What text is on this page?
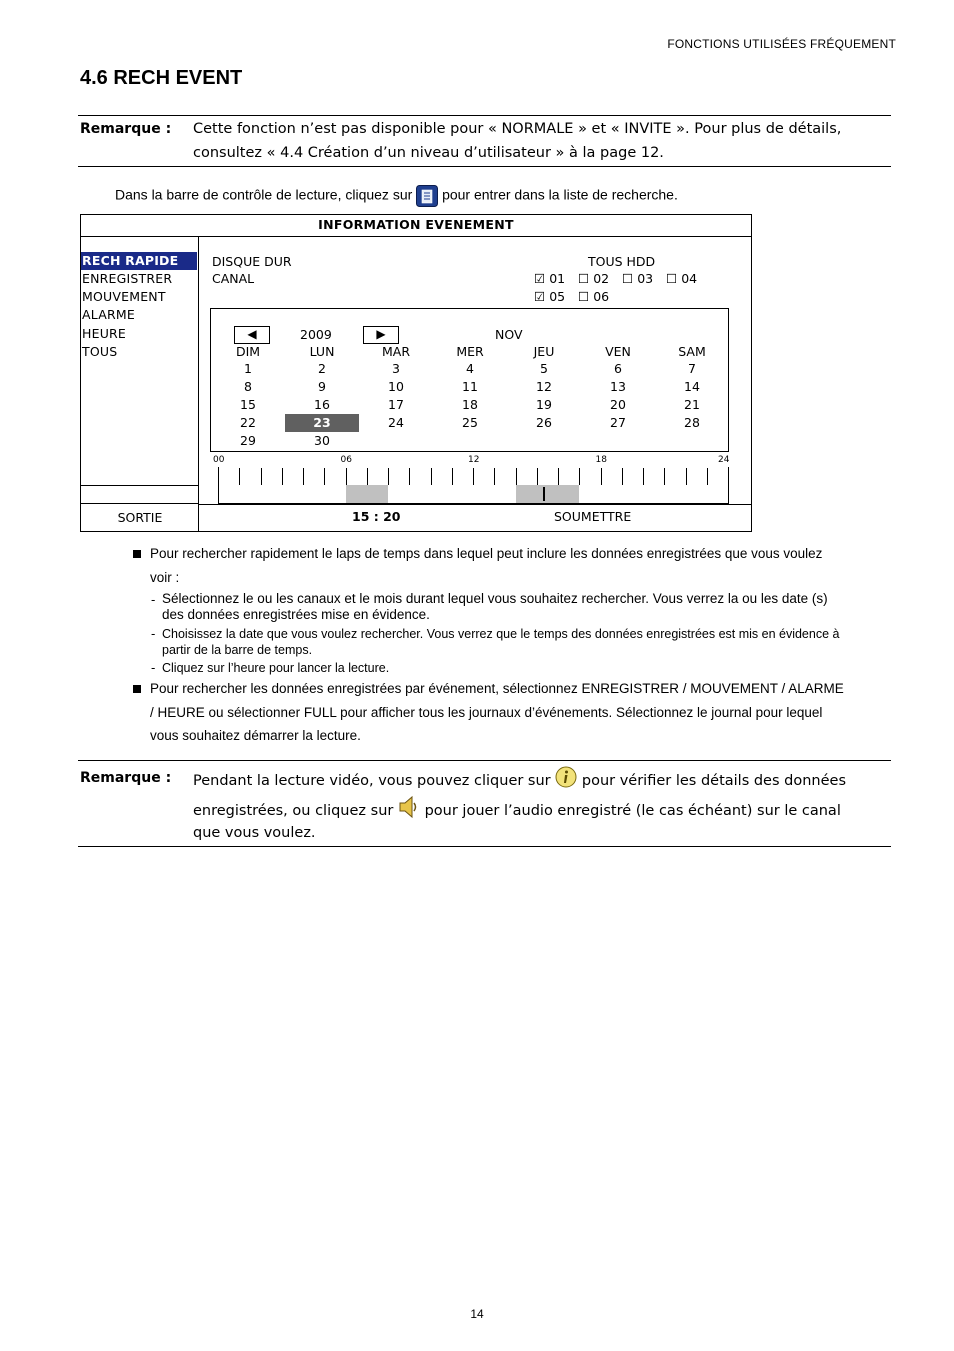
FONCTIONS UTILISÉES FRÉQUEMENT
4.6 RECH EVENT
Remarque : Cette fonction n’est pas disponible pour « NORMALE » et « INVITE ». Pour plus de détails,
consultez « 4.4 Création d’un niveau d’utilisateur » à la page 12.
Dans la barre de contrôle de lecture, cliquez sur pour entrer dans la liste de recherche.
INFORMATION EVENEMENT
RECH RAPIDE
ENREGISTRER
MOUVEMENT
ALARME
HEURE
TOUS
SORTIE
DISQUE DUR	TOUS HDD
CANAL	☑ 01 ☐ 02 ☐ 03 ☐ 04
☑ 05 ☐ 06
◀	2009	▶	NOV
DIM	LUN	MAR	MER	JEU	VEN	SAM
1	2	3	4	5	6	7
8	9	10	11	12	13	14
15	16	17	18	19	20	21
22	23	24	25	26	27	28
29	30
00	06	12	18	24
15 : 20	SOUMETTRE
Pour rechercher rapidement le laps de temps dans lequel peut inclure les données enregistrées que vous voulez
voir :
- Sélectionnez le ou les canaux et le mois durant lequel vous souhaitez rechercher. Vous verrez la ou les date (s)
des données enregistrées mise en évidence.
- Choisissez la date que vous voulez rechercher. Vous verrez que le temps des données enregistrées est mis en évidence à
partir de la barre de temps.
- Cliquez sur l’heure pour lancer la lecture.
Pour rechercher les données enregistrées par événement, sélectionnez ENREGISTRER / MOUVEMENT / ALARME
/ HEURE ou sélectionner FULL pour afficher tous les journaux d’événements. Sélectionnez le journal pour lequel
vous souhaitez démarrer la lecture.
Remarque : Pendant la lecture vidéo, vous pouvez cliquer sur pour vérifier les détails des données
enregistrées, ou cliquez sur pour jouer l’audio enregistré (le cas échéant) sur le canal
que vous voulez.
14
